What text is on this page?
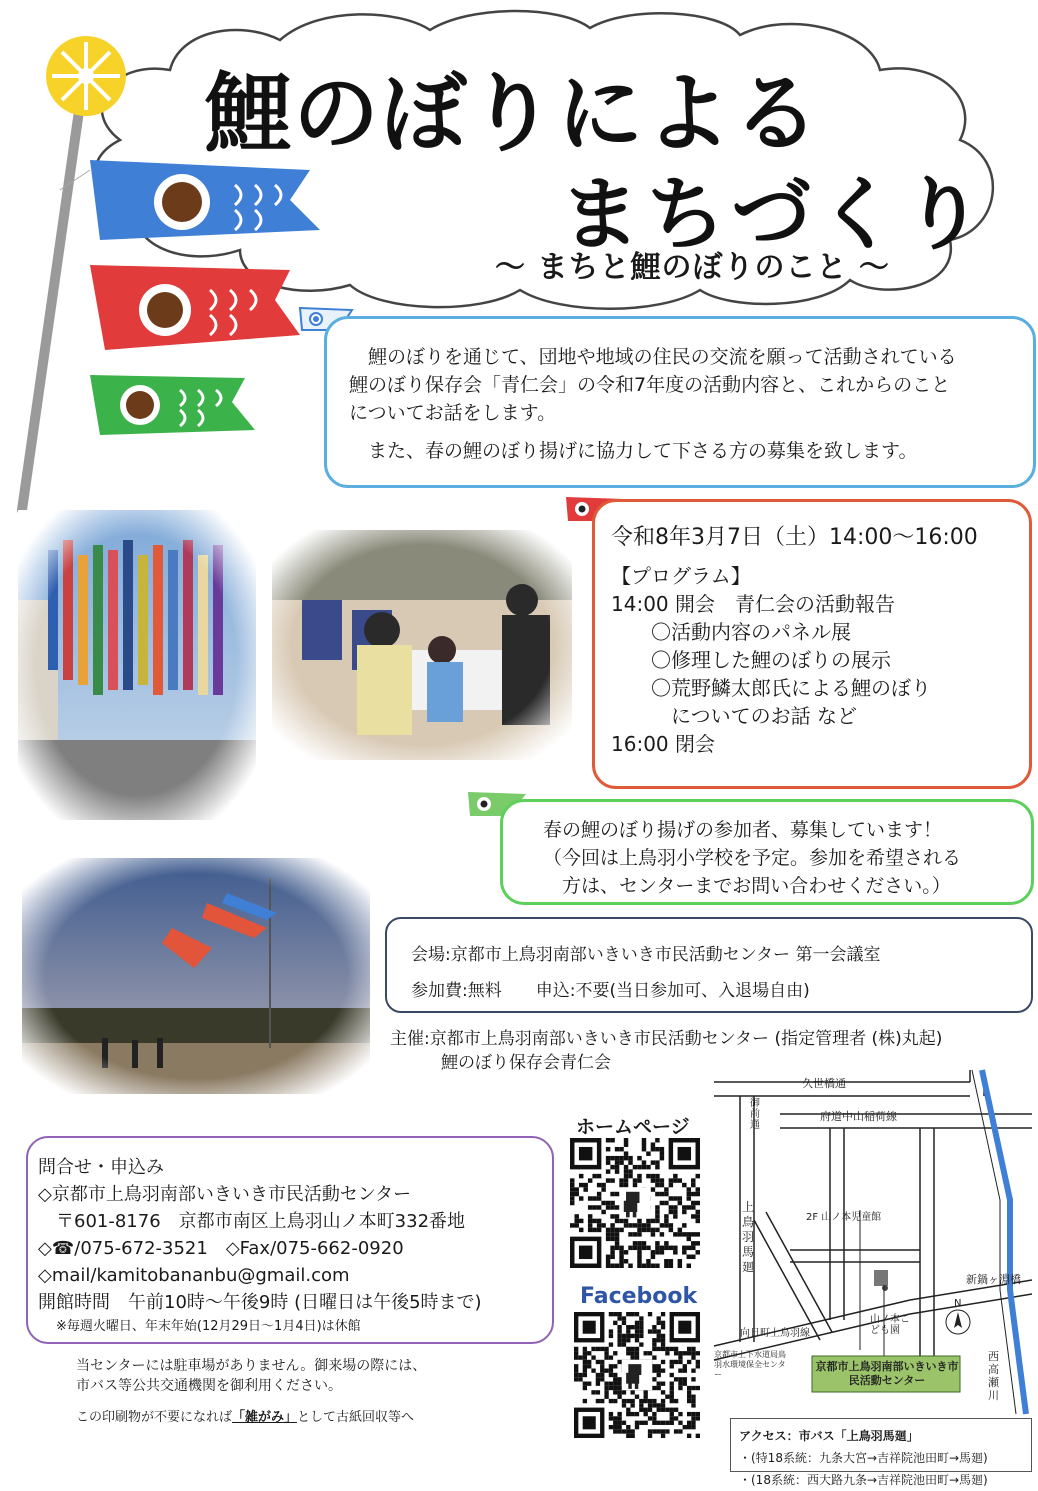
鯉のぼりによる
まちづくり
～ まちと鯉のぼりのこと ～

　鯉のぼりを通じて、団地や地域の住民の交流を願って活動されている

鯉のぼり保存会「青仁会」の令和7年度の活動内容と、これからのこと

についてお話をします。

　また、春の鯉のぼり揚げに協力して下さる方の募集を致します。

令和8年3月7日（土）14:00～16:00
【プログラム】
14:00 開会　青仁会の活動報告
　　〇活動内容のパネル展
　　〇修理した鯉のぼりの展示
　　〇荒野鱗太郎氏による鯉のぼり
　　　についてのお話 など
16:00 閉会
春の鯉のぼり揚げの参加者、募集しています！
（今回は上鳥羽小学校を予定。参加を希望される
　方は、センターまでお問い合わせください。）
会場:京都市上鳥羽南部いきいき市民活動センター 第一会議室
参加費:無料　　申込:不要(当日参加可、入退場自由)
主催:京都市上鳥羽南部いきいき市民活動センター (指定管理者 (株)丸起)
　　　鯉のぼり保存会青仁会
問合せ・申込み
◇京都市上鳥羽南部いきいき市民活動センター
　〒601-8176　京都市南区上鳥羽山ノ本町332番地
◇☎/075-672-3521　◇Fax/075-662-0920
◇mail/kamitobananbu@gmail.com
開館時間　午前10時～午後9時 (日曜日は午後5時まで)
※毎週火曜日、年末年始(12月29日～1月4日)は休館
当センターには駐車場がありません。御来場の際には、
市バス等公共交通機関を御利用ください。
この印刷物が不要になれば「雑がみ」として古紙回収等へ
ホームページ
Facebook
久世橋通
府道中山稲荷線
御前通
上鳥羽馬廻
2F 山ノ本児童館
新鍋ヶ淵橋
向日町上鳥羽線
山ノ本こども園
京都市上下水道局鳥羽水環境保全センター
京都市上鳥羽南部いきいき市民活動センター
西高瀬川
N
アクセス：市バス「上鳥羽馬廻」
・(特18系統：九条大宮→吉祥院池田町→馬廻)
・(18系統：西大路九条→吉祥院池田町→馬廻)
